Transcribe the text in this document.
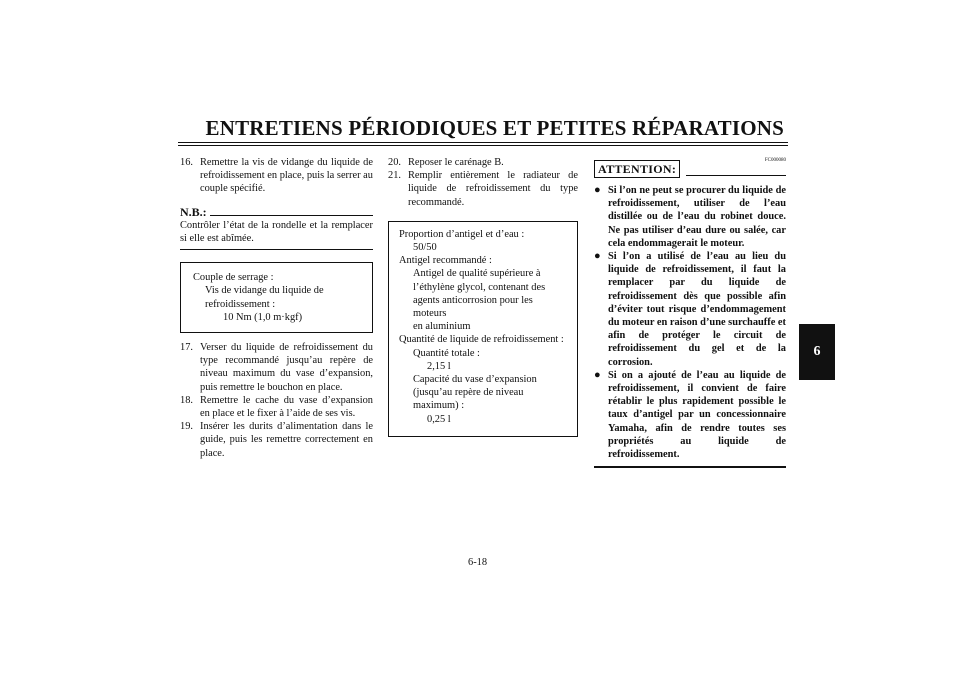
ENTRETIENS PÉRIODIQUES ET PETITES RÉPARATIONS
6
16. Remettre la vis de vidange du liquide de refroidissement en place, puis la serrer au couple spécifié.
N.B.:
Contrôler l’état de la rondelle et la remplacer si elle est abîmée.
Couple de serrage :
Vis de vidange du liquide de
refroidissement :
10 Nm (1,0 m·kgf)
17. Verser du liquide de refroidissement du type recommandé jusqu’au repère de niveau maximum du vase d’expansion, puis remettre le bouchon en place.
18. Remettre le cache du vase d’expansion en place et le fixer à l’aide de ses vis.
19. Insérer les durits d’alimentation dans le guide, puis les remettre correctement en place.
20. Reposer le carénage B.
21. Remplir entièrement le radiateur de liquide de refroidissement du type recommandé.
Proportion d’antigel et d’eau :
50/50
Antigel recommandé :
Antigel de qualité supérieure à
l’éthylène glycol, contenant des
agents anticorrosion pour les moteurs
en aluminium
Quantité de liquide de refroidissement :
Quantité totale :
2,15 l
Capacité du vase d’expansion
(jusqu’au repère de niveau maximum) :
0,25 l
FC000080
ATTENTION:
● Si l’on ne peut se procurer du liquide de refroidissement, utiliser de l’eau distillée ou de l’eau du robinet douce. Ne pas utiliser d’eau dure ou salée, car cela endommagerait le moteur.
● Si l’on a utilisé de l’eau au lieu du liquide de refroidissement, il faut la remplacer par du liquide de refroidissement dès que possible afin d’éviter tout risque d’endommagement du moteur en raison d’une surchauffe et afin de protéger le circuit de refroidissement du gel et de la corrosion.
● Si on a ajouté de l’eau au liquide de refroidissement, il convient de faire rétablir le plus rapidement possible le taux d’antigel par un concessionnaire Yamaha, afin de rendre toutes ses propriétés au liquide de refroidissement.
6-18
